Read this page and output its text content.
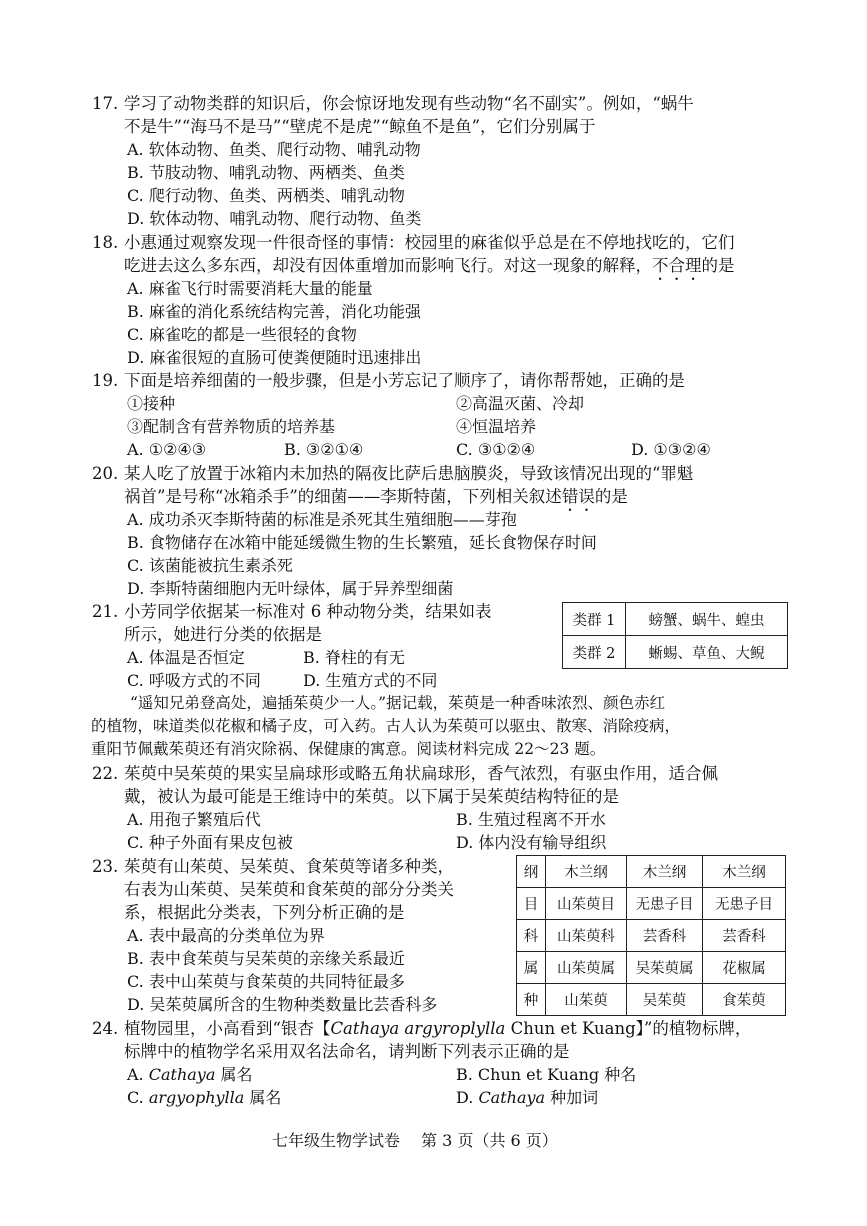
17. 学习了动物类群的知识后，你会惊讶地发现有些动物“名不副实”。例如，“蜗牛
不是牛”“海马不是马”“壁虎不是虎”“鲸鱼不是鱼”，它们分别属于
A. 软体动物、鱼类、爬行动物、哺乳动物
B. 节肢动物、哺乳动物、两栖类、鱼类
C. 爬行动物、鱼类、两栖类、哺乳动物
D. 软体动物、哺乳动物、爬行动物、鱼类
18. 小惠通过观察发现一件很奇怪的事情：校园里的麻雀似乎总是在不停地找吃的，它们
吃进去这么多东西，却没有因体重增加而影响飞行。对这一现象的解释，不合理的是
A. 麻雀飞行时需要消耗大量的能量
B. 麻雀的消化系统结构完善，消化功能强
C. 麻雀吃的都是一些很轻的食物
D. 麻雀很短的直肠可使粪便随时迅速排出
19. 下面是培养细菌的一般步骤，但是小芳忘记了顺序了，请你帮帮她，正确的是
①接种	②高温灭菌、冷却
③配制含有营养物质的培养基	④恒温培养
A. ①②④③	B. ③②①④	C. ③①②④	D. ①③②④
20. 某人吃了放置于冰箱内未加热的隔夜比萨后患脑膜炎，导致该情况出现的“罪魁
祸首”是号称“冰箱杀手”的细菌——李斯特菌，下列相关叙述错误的是
A. 成功杀灭李斯特菌的标准是杀死其生殖细胞——芽孢
B. 食物储存在冰箱中能延缓微生物的生长繁殖，延长食物保存时间
C. 该菌能被抗生素杀死
D. 李斯特菌细胞内无叶绿体，属于异养型细菌
21. 小芳同学依据某一标准对 6 种动物分类，结果如表
所示，她进行分类的依据是
A. 体温是否恒定	B. 脊柱的有无
C. 呼吸方式的不同	D. 生殖方式的不同
类群 1	螃蟹、蜗牛、蝗虫
类群 2	蜥蜴、草鱼、大鲵
“遥知兄弟登高处，遍插茱萸少一人。”据记载，茱萸是一种香味浓烈、颜色赤红
的植物，味道类似花椒和橘子皮，可入药。古人认为茱萸可以驱虫、散寒、消除疫病，
重阳节佩戴茱萸还有消灾除祸、保健康的寓意。阅读材料完成 22～23 题。
22. 茱萸中吴茱萸的果实呈扁球形或略五角状扁球形，香气浓烈，有驱虫作用，适合佩
戴，被认为最可能是王维诗中的茱萸。以下属于吴茱萸结构特征的是
A. 用孢子繁殖后代	B. 生殖过程离不开水
C. 种子外面有果皮包被	D. 体内没有输导组织
23. 茱萸有山茱萸、吴茱萸、食茱萸等诸多种类，
右表为山茱萸、吴茱萸和食茱萸的部分分类关
系，根据此分类表，下列分析正确的是
A. 表中最高的分类单位为界
B. 表中食茱萸与吴茱萸的亲缘关系最近
C. 表中山茱萸与食茱萸的共同特征最多
D. 吴茱萸属所含的生物种类数量比芸香科多
纲	木兰纲	木兰纲	木兰纲
目	山茱萸目	无患子目	无患子目
科	山茱萸科	芸香科	芸香科
属	山茱萸属	吴茱萸属	花椒属
种	山茱萸	吴茱萸	食茱萸
24. 植物园里，小高看到“银杏【Cathaya argyroplylla Chun et Kuang】”的植物标牌，
标牌中的植物学名采用双名法命名，请判断下列表示正确的是
A. Cathaya 属名	B. Chun et Kuang 种名
C. argyophylla 属名	D. Cathaya 种加词
七年级生物学试卷　 第 3 页（共 6 页）
